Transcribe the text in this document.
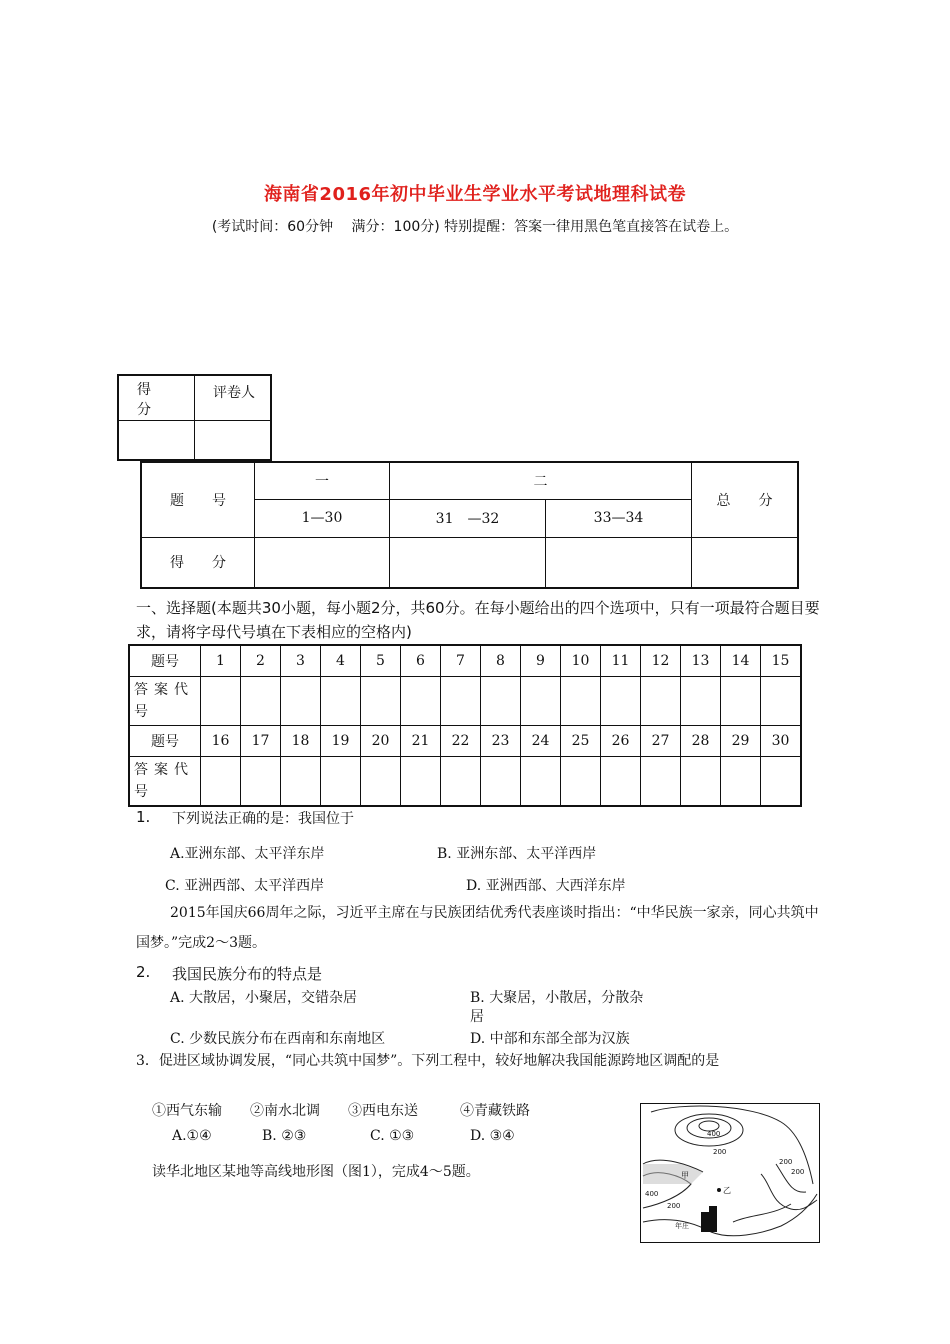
海南省2016年初中毕业生学业水平考试地理科试卷
(考试时间：60分钟　 满分：100分) 特别提醒：答案一律用黑色笔直接答在试卷上。
得分	评卷人

题　　号	一	二		总　　分
	1—30	31　—32	33—34	
得　　分				
一、选择题(本题共30小题，每小题2分，共60分。在每小题给出的四个选项中，只有一项最符合题目要求，请将字母代号填在下表相应的空格内)
题号	1	2	3	4	5	6	7	8	9	10	11	12	13	14	15
答案代号															
题号	16	17	18	19	20	21	22	23	24	25	26	27	28	29	30
答案代号															
1. 下列说法正确的是：我国位于
A.亚洲东部、太平洋东岸	B. 亚洲东部、太平洋西岸
C. 亚洲西部、太平洋西岸	D. 亚洲西部、大西洋东岸
2015年国庆66周年之际，习近平主席在与民族团结优秀代表座谈时指出：“中华民族一家亲，同心共筑中国梦。”完成2～3题。
2. 我国民族分布的特点是
A. 大散居，小聚居，交错杂居	B. 大聚居，小散居，分散杂
居
C. 少数民族分布在西南和东南地区	D. 中部和东部全部为汉族
3．促进区域协调发展，“同心共筑中国梦”。下列工程中，较好地解决我国能源跨地区调配的是
①西气东输　　②南水北调　　③西电东送　　　④青藏铁路
A.①④	B. ②③	C. ①③	D. ③④
读华北地区某地等高线地形图（图1），完成4～5题。
400
200
200
200
400
200
甲
乙
年庄
